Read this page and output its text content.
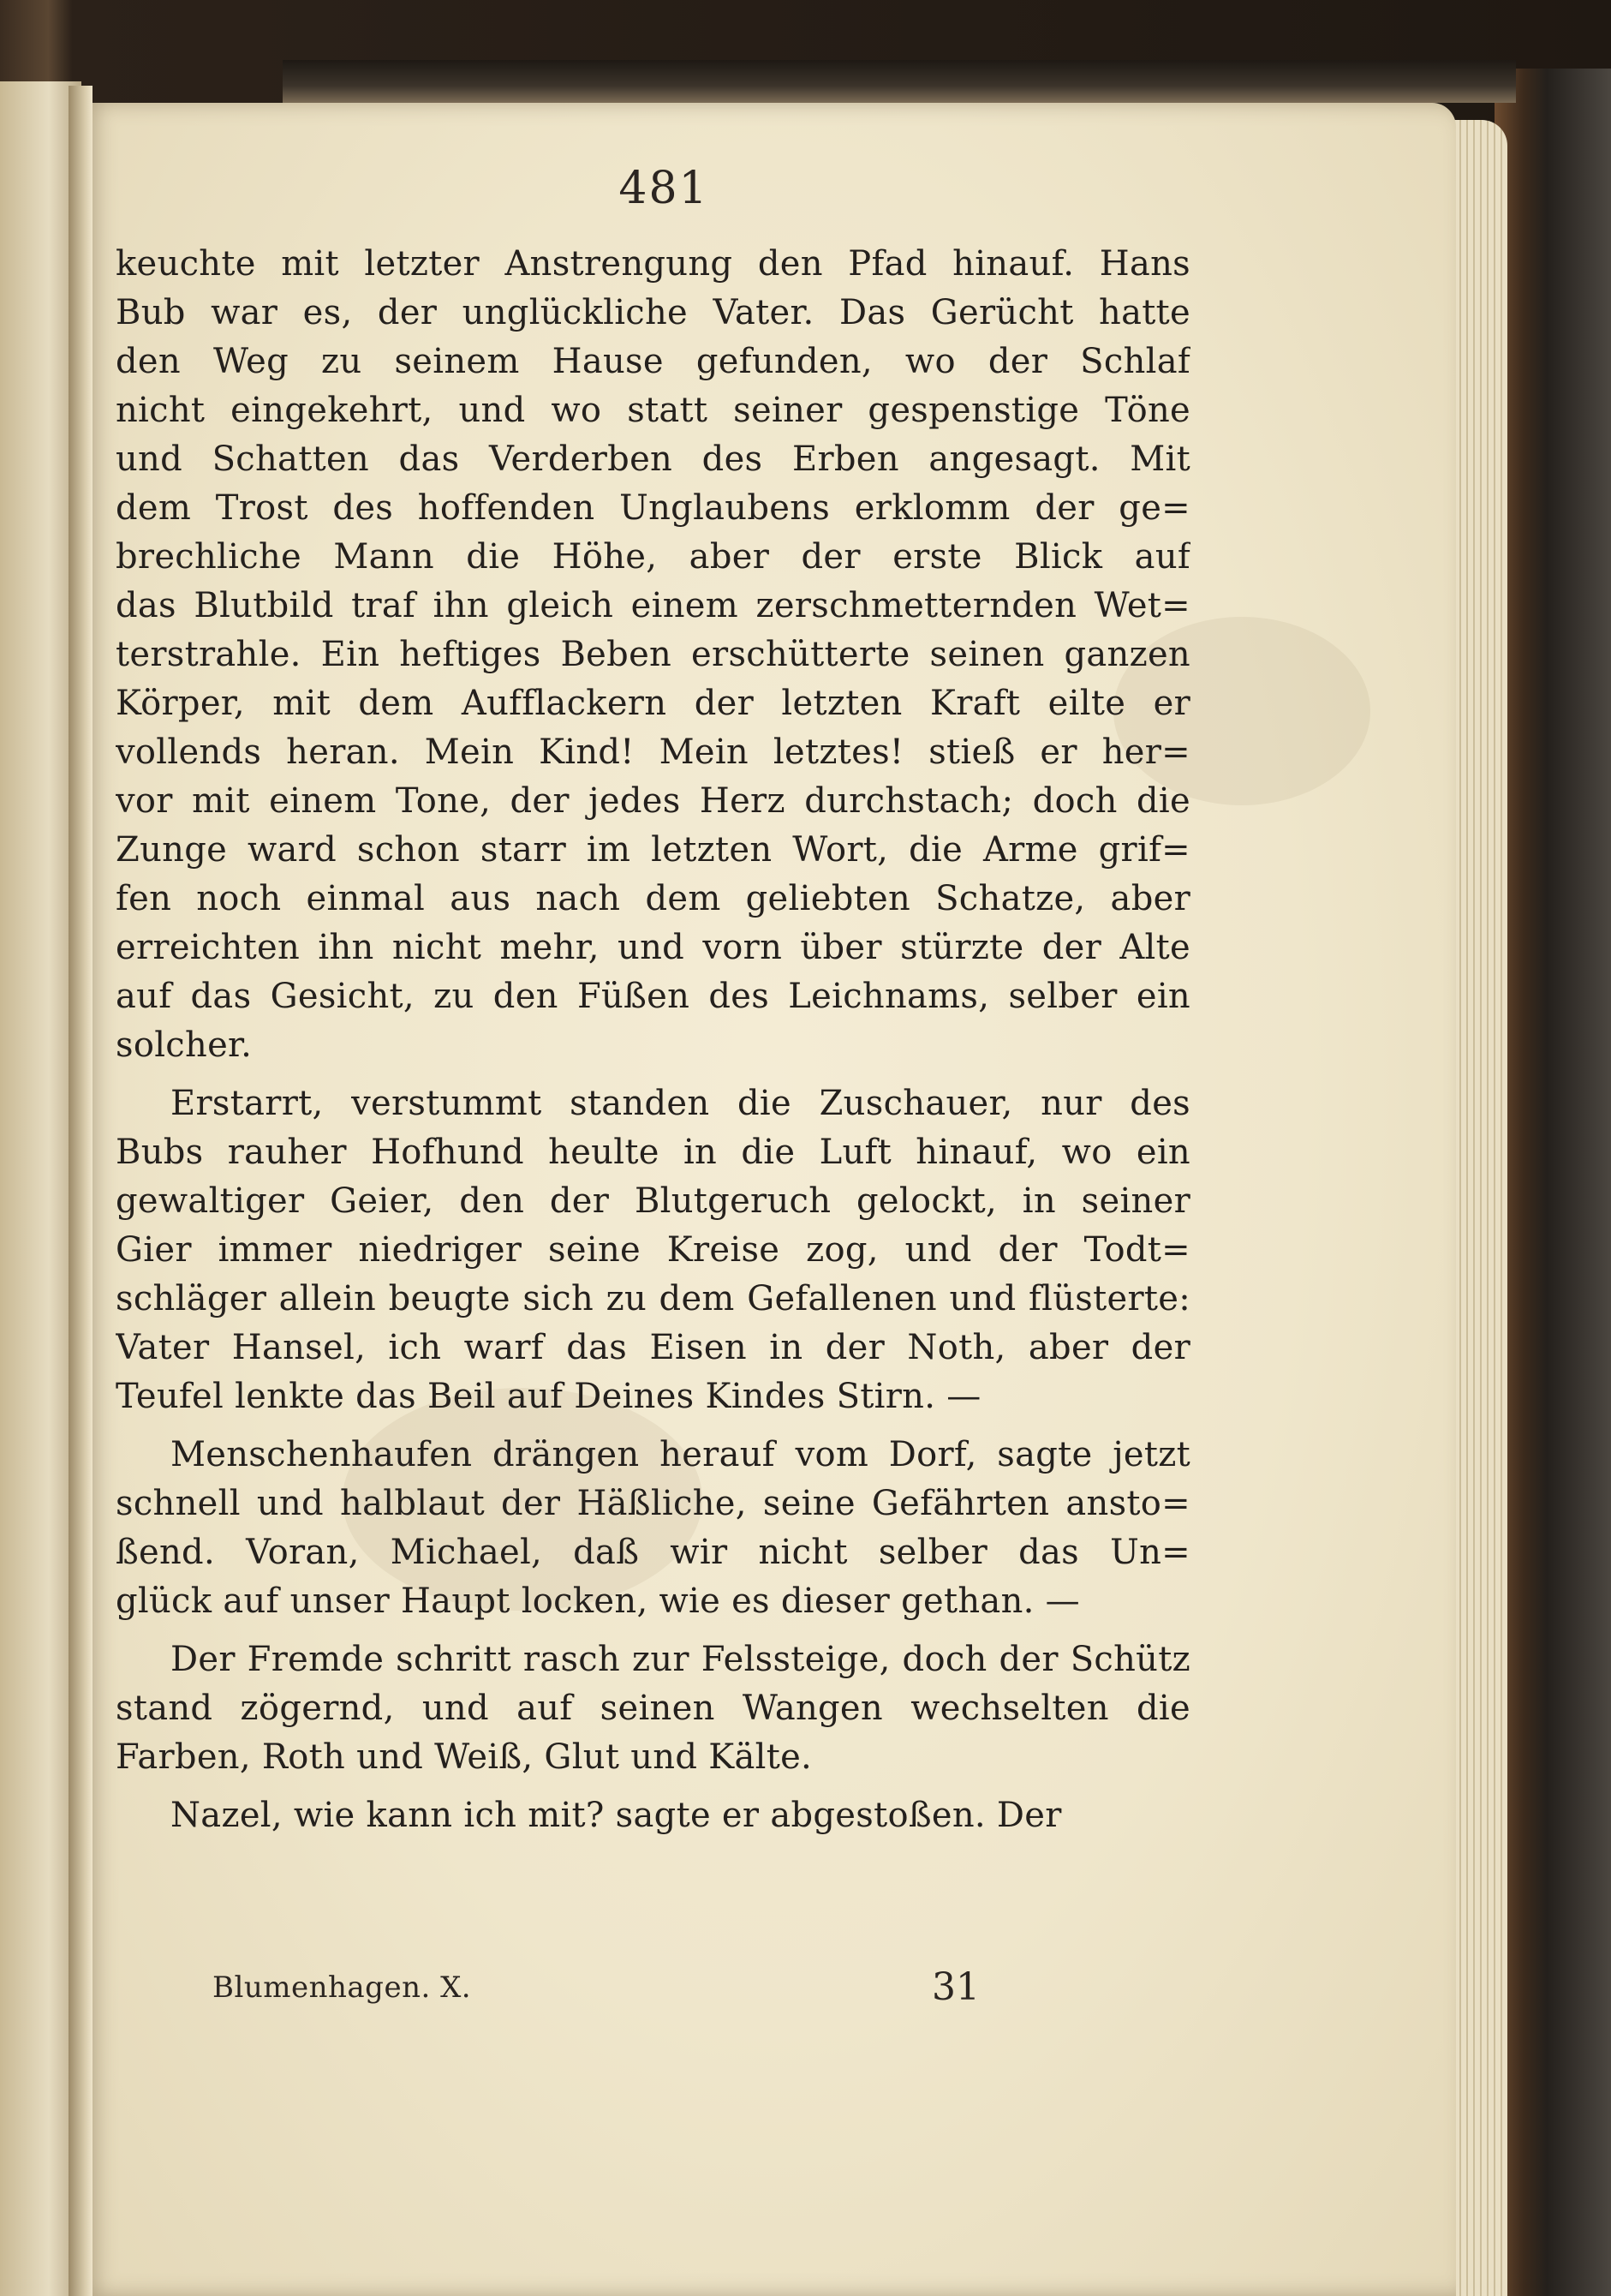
481
keuchte mit letzter Anstrengung den Pfad hinauf. Hans
Bub war es, der unglückliche Vater. Das Gerücht hatte
den Weg zu seinem Hause gefunden, wo der Schlaf
nicht eingekehrt, und wo statt seiner gespenstige Töne
und Schatten das Verderben des Erben angesagt. Mit
dem Trost des hoffenden Unglaubens erklomm der ge=
brechliche Mann die Höhe, aber der erste Blick auf
das Blutbild traf ihn gleich einem zerschmetternden Wet=
terstrahle. Ein heftiges Beben erschütterte seinen ganzen
Körper, mit dem Aufflackern der letzten Kraft eilte er
vollends heran. Mein Kind! Mein letztes! stieß er her=
vor mit einem Tone, der jedes Herz durchstach; doch die
Zunge ward schon starr im letzten Wort, die Arme grif=
fen noch einmal aus nach dem geliebten Schatze, aber
erreichten ihn nicht mehr, und vorn über stürzte der Alte
auf das Gesicht, zu den Füßen des Leichnams, selber ein
solcher.
Erstarrt, verstummt standen die Zuschauer, nur des
Bubs rauher Hofhund heulte in die Luft hinauf, wo ein
gewaltiger Geier, den der Blutgeruch gelockt, in seiner
Gier immer niedriger seine Kreise zog, und der Todt=
schläger allein beugte sich zu dem Gefallenen und flüsterte:
Vater Hansel, ich warf das Eisen in der Noth, aber der
Teufel lenkte das Beil auf Deines Kindes Stirn. —
Menschenhaufen drängen herauf vom Dorf, sagte jetzt
schnell und halblaut der Häßliche, seine Gefährten ansto=
ßend. Voran, Michael, daß wir nicht selber das Un=
glück auf unser Haupt locken, wie es dieser gethan. —
Der Fremde schritt rasch zur Felssteige, doch der Schütz
stand zögernd, und auf seinen Wangen wechselten die
Farben, Roth und Weiß, Glut und Kälte.
Nazel, wie kann ich mit? sagte er abgestoßen. Der
Blumenhagen. X.	31
